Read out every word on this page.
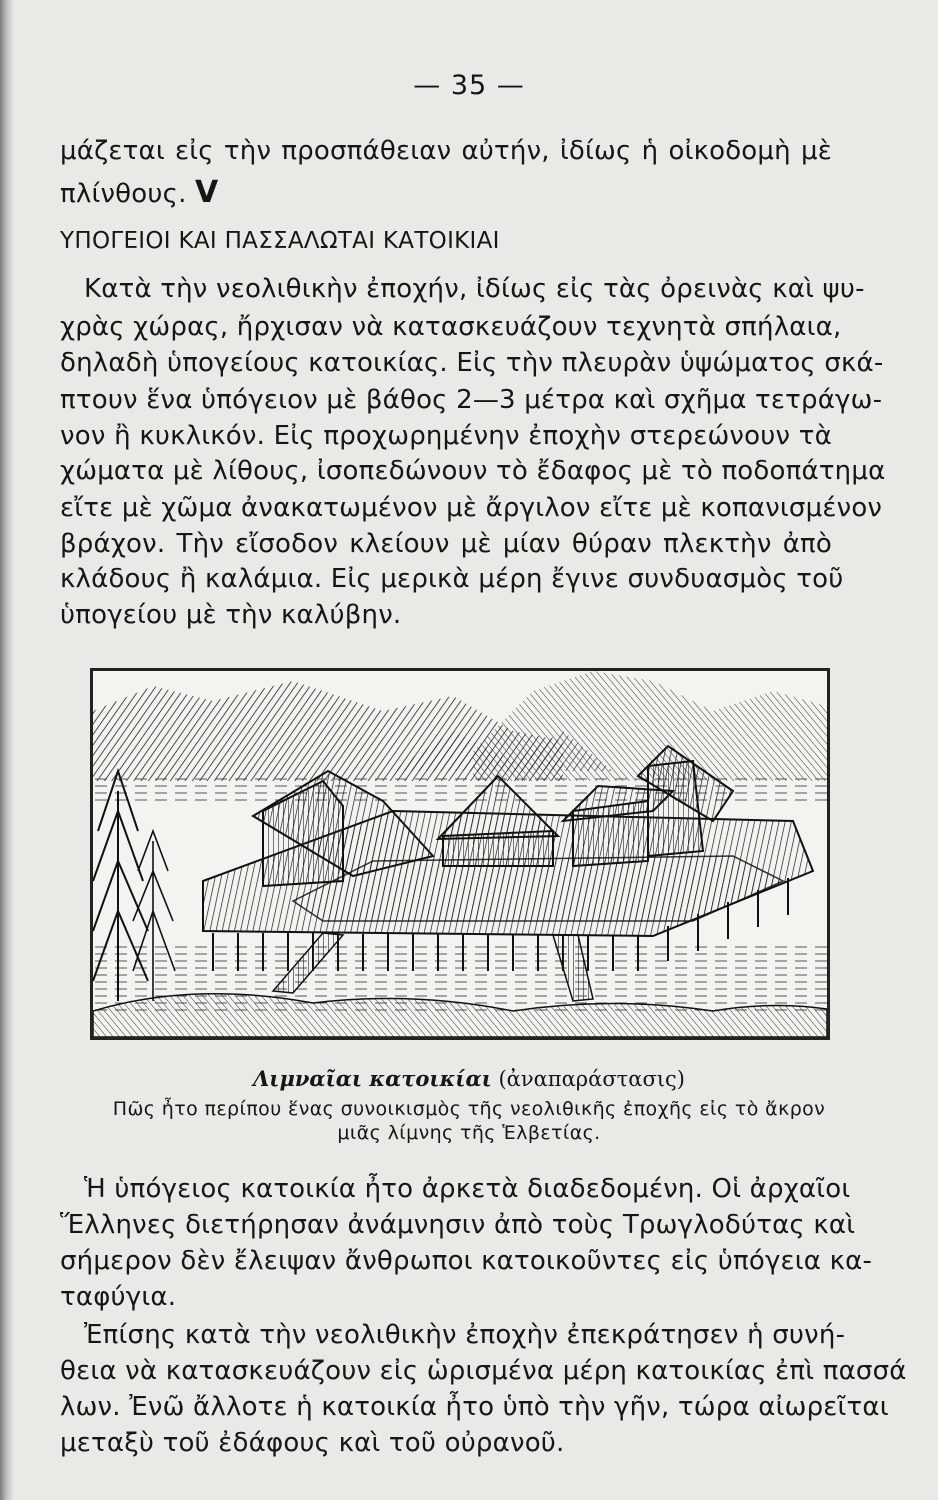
— 35 —
μάζεται εἰς τὴν προσπάθειαν αὐτήν, ἰδίως ἡ οἰκοδομὴ μὲ
πλίνθους. V
ΥΠΟΓΕΙΟΙ ΚΑΙ ΠΑΣΣΑΛΩΤΑΙ ΚΑΤΟΙΚΙΑΙ
Κατὰ τὴν νεολιθικὴν ἐποχήν, ἰδίως εἰς τὰς ὀρεινὰς καὶ ψυ-
χρὰς χώρας, ἤρχισαν νὰ κατασκευάζουν τεχνητὰ σπήλαια,
δηλαδὴ ὑπογείους κατοικίας. Εἰς τὴν πλευρὰν ὑψώματος σκά-
πτουν ἕνα ὑπόγειον μὲ βάθος 2—3 μέτρα καὶ σχῆμα τετράγω-
νον ἢ κυκλικόν. Εἰς προχωρημένην ἐποχὴν στερεώνουν τὰ
χώματα μὲ λίθους, ἰσοπεδώνουν τὸ ἔδαφος μὲ τὸ ποδοπάτημα
εἴτε μὲ χῶμα ἀνακατωμένον μὲ ἄργιλον εἴτε μὲ κοπανισμένον
βράχον. Τὴν εἴσοδον κλείουν μὲ μίαν θύραν πλεκτὴν ἀπὸ
κλάδους ἢ καλάμια. Εἰς μερικὰ μέρη ἔγινε συνδυασμὸς τοῦ
ὑπογείου μὲ τὴν καλύβην.
Λιμναῖαι κατοικίαι (ἀναπαράστασις)
Πῶς ἦτο περίπου ἕνας συνοικισμὸς τῆς νεολιθικῆς ἐποχῆς εἰς τὸ ἄκρον
μιᾶς λίμνης τῆς Ἑλβετίας.
Ἡ ὑπόγειος κατοικία ἦτο ἀρκετὰ διαδεδομένη. Οἱ ἀρχαῖοι
Ἕλληνες διετήρησαν ἀνάμνησιν ἀπὸ τοὺς Τρωγλοδύτας καὶ
σήμερον δὲν ἔλειψαν ἄνθρωποι κατοικοῦντες εἰς ὑπόγεια κα-
ταφύγια.
Ἐπίσης κατὰ τὴν νεολιθικὴν ἐποχὴν ἐπεκράτησεν ἡ συνή-
θεια νὰ κατασκευάζουν εἰς ὡρισμένα μέρη κατοικίας ἐπὶ πασσά
λων. Ἐνῶ ἄλλοτε ἡ κατοικία ἦτο ὑπὸ τὴν γῆν, τώρα αἰωρεῖται
μεταξὺ τοῦ ἐδάφους καὶ τοῦ οὐρανοῦ.
